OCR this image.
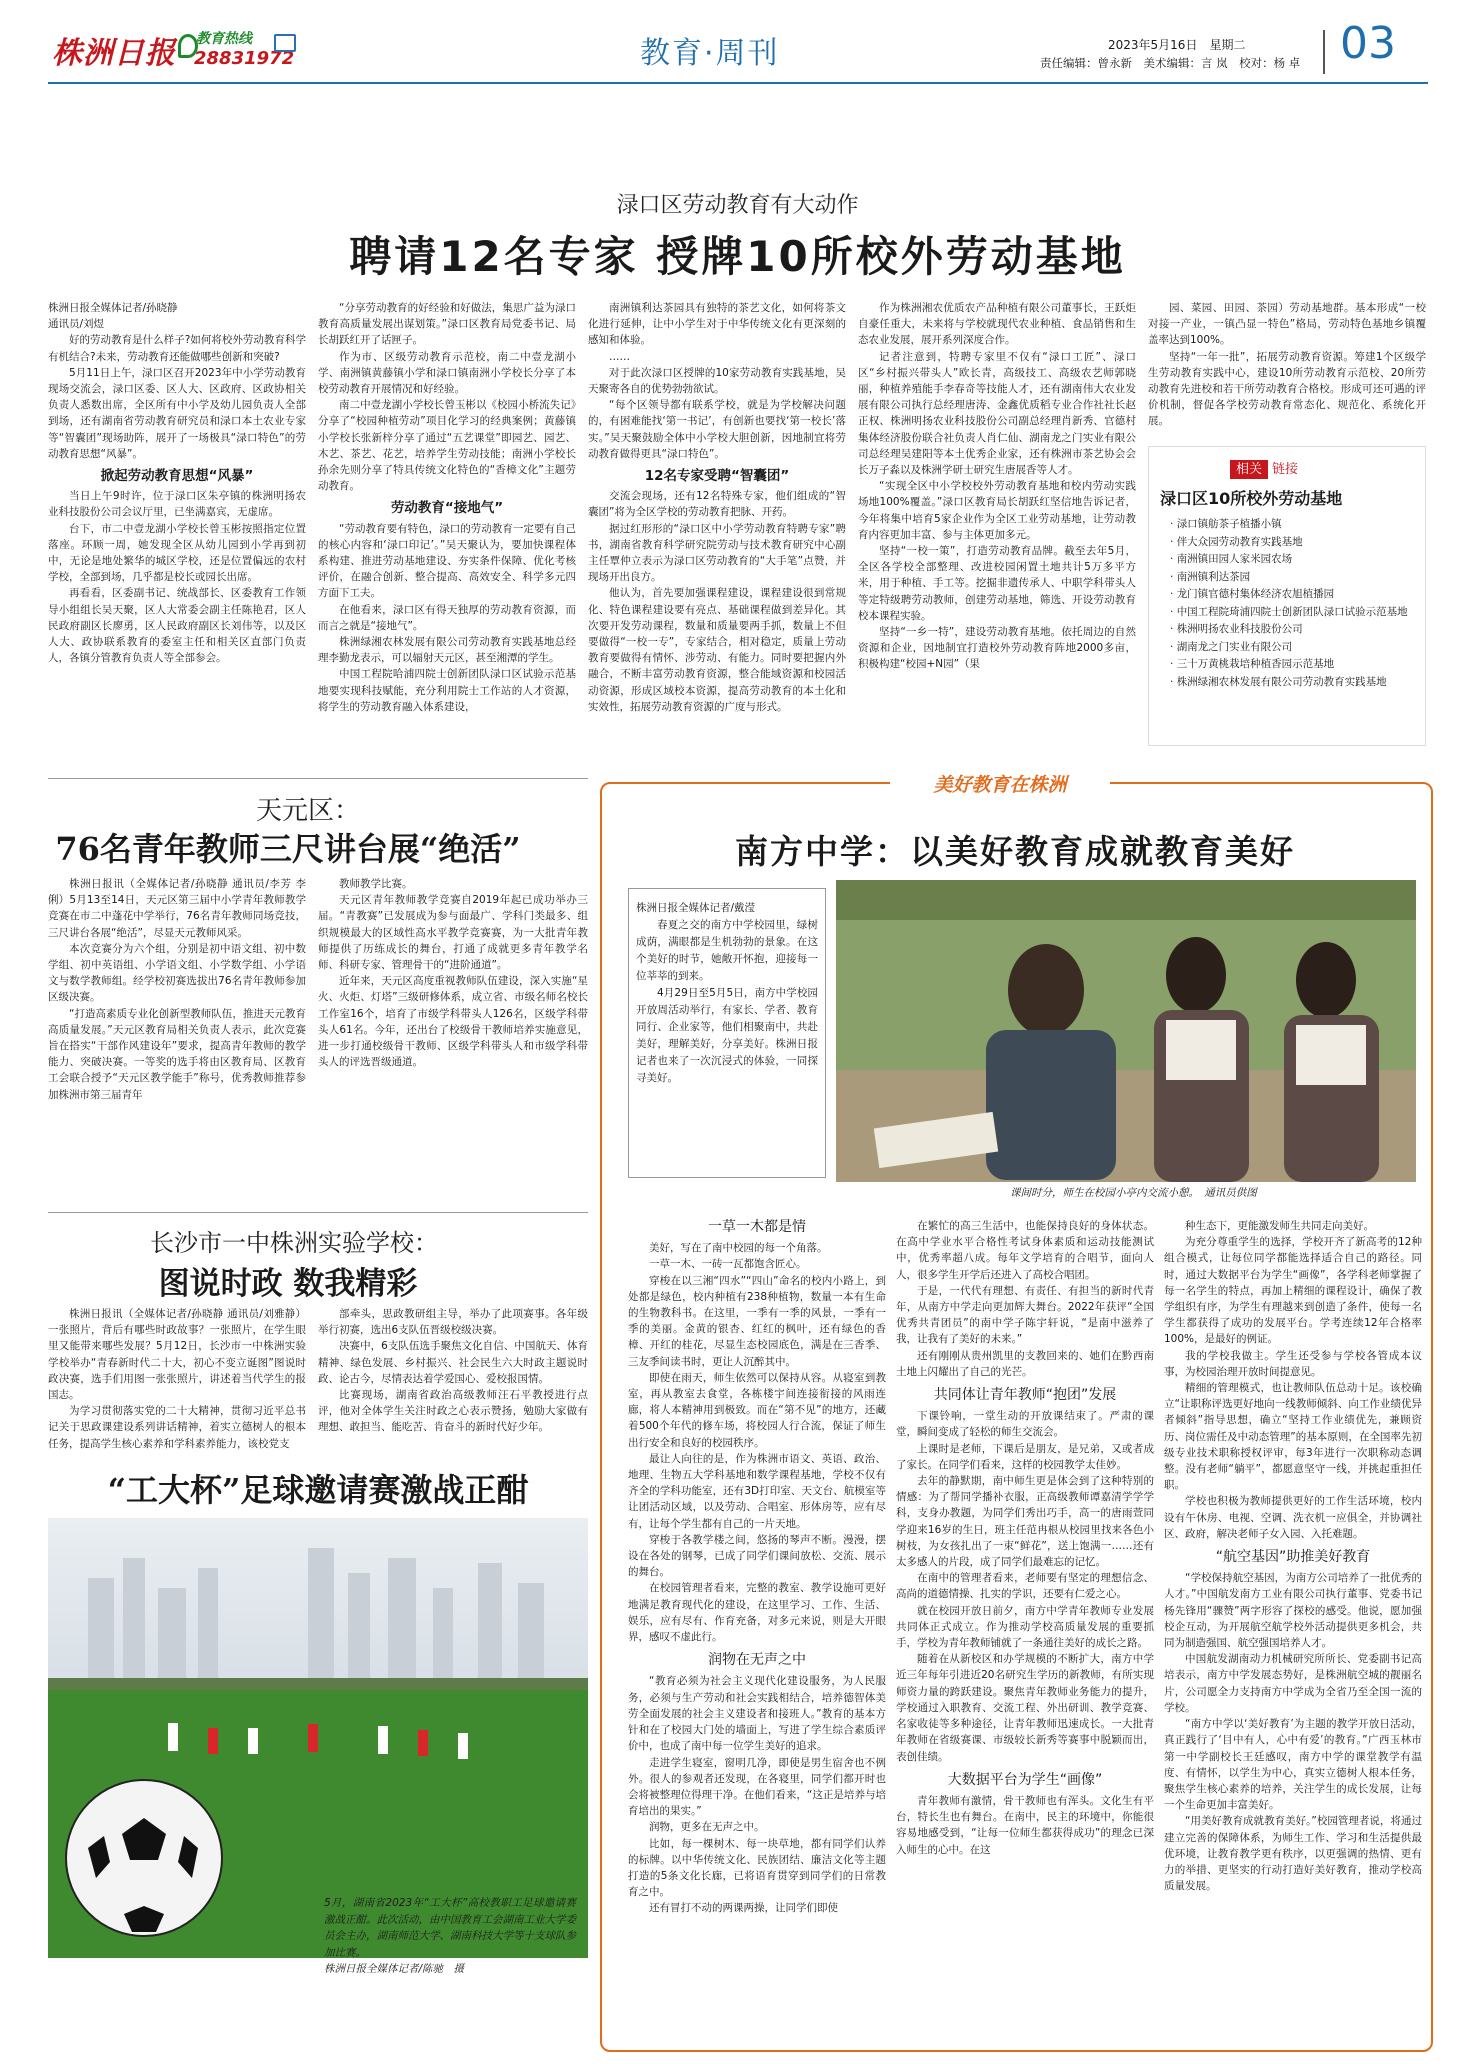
株洲日报 教育热线
28831972	教育·周刊	2023年5月16日　星期二
责任编辑：曾永新　美术编辑：言 岚　校对：杨 卓 03
渌口区劳动教育有大动作
聘请12名专家 授牌10所校外劳动基地

株洲日报全媒体记者/孙晓静
通讯员/刘煜

好的劳动教育是什么样子?如何将校外劳动教育科学有机结合?未来，劳动教育还能做哪些创新和突破?

5月11日上午，渌口区召开2023年中小学劳动教育现场交流会，渌口区委、区人大、区政府、区政协相关负责人悉数出席，全区所有中小学及幼儿园负责人全部到场，还有湖南省劳动教育研究员和渌口本土农业专家等“智囊团”现场助阵，展开了一场极具“渌口特色”的劳动教育思想“风暴”。

掀起劳动教育思想“风暴”

当日上午9时许，位于渌口区朱亭镇的株洲明扬农业科技股份公司会议厅里，已坐满嘉宾，无虚席。

台下，市二中壹龙湖小学校长曾玉彬按照指定位置落座。环顾一周，她发现全区从幼儿园到小学再到初中，无论是地处繁华的城区学校，还是位置偏远的农村学校，全部到场，几乎都是校长或园长出席。

再看看，区委副书记、统战部长、区委教育工作领导小组组长吴天聚，区人大常委会副主任陈艳君，区人民政府副区长廖勇，区人民政府副区长刘伟等，以及区人大、政协联系教育的委室主任和相关区直部门负责人，各镇分管教育负责人等全部参会。

“分享劳动教育的好经验和好做法，集思广益为渌口教育高质量发展出谋划策。”渌口区教育局党委书记、局长胡跃红开了话匣子。

作为市、区级劳动教育示范校，南二中壹龙湖小学、南洲镇黄藤镇小学和渌口镇南洲小学校长分享了本校劳动教育开展情况和好经验。

南二中壹龙湖小学校长曾玉彬以《校园小桥流失记》分享了“校园种植劳动”项目化学习的经典案例；黄藤镇小学校长张新梓分享了通过“五艺课堂”即园艺、园艺、木艺、茶艺、花艺，培养学生劳动技能；南洲小学校长孙余先则分享了特具传统文化特色的“香樟文化”主题劳动教育。

劳动教育“接地气”

“劳动教育要有特色，渌口的劳动教育一定要有自己的核心内容和‘渌口印记’。”吴天聚认为，要加快课程体系构建、推进劳动基地建设、夯实条件保障、优化考核评价，在融合创新、整合提高、高效安全、科学多元四方面下工夫。

在他看来，渌口区有得天独厚的劳动教育资源，而而言之就是“接地气”。

株洲绿湘农林发展有限公司劳动教育实践基地总经理李勤龙表示，可以辐射天元区，甚至湘潭的学生。

中国工程院哈浦四院士创新团队渌口区试验示范基地要实现科技赋能，充分利用院士工作站的人才资源，将学生的劳动教育融入体系建设，

南洲镇利达茶园具有独特的茶艺文化，如何将茶文化进行延伸，让中小学生对于中华传统文化有更深刻的感知和体验。

……

对于此次渌口区授牌的10家劳动教育实践基地，吴天聚寄各自的优势勃勃欲试。

“每个区领导都有联系学校，就是为学校解决问题的，有困难能找‘第一书记’，有创新也要找‘第一校长’落实。”吴天聚鼓励全体中小学校大胆创新，因地制宜将劳动教育做得更具“渌口特色”。

12名专家受聘“智囊团”

交流会现场，还有12名特殊专家，他们组成的“智囊团”将为全区学校的劳动教育把脉、开药。

据过红形形的“渌口区中小学劳动教育特聘专家”聘书，湖南省教育科学研究院劳动与技术教育研究中心副主任覃仲立表示为渌口区劳动教育的“大手笔”点赞，并现场开出良方。

他认为，首先要加强课程建设，课程建设很到常规化、特色课程建设要有亮点、基础课程做到差异化。其次要开发劳动课程，数量和质量要两手抓，数量上不但要做得“一校一专”，专家结合，相对稳定，质量上劳动教育要做得有情怀、涉劳动、有能力。同时要把握内外融合，不断丰富劳动教育资源，整合能域资源和校园活动资源，形成区域校本资源，提高劳动教育的本土化和实效性，拓展劳动教育资源的广度与形式。

作为株洲湘农优质农产品种植有限公司董事长，王跃炬自豪任重大，未来将与学校就现代农业种植、食品销售和生态农业发展，展开系列深度合作。

记者注意到，特聘专家里不仅有“渌口工匠”、渌口区“乡村振兴带头人”欧长青，高级技工、高级农艺师郭晓丽，种植养殖能手李春奇等技能人才，还有湖南伟大农业发展有限公司执行总经理唐涛、金鑫优质稻专业合作社社长赵正权、株洲明扬农业科技股份公司副总经理肖新秀、官德村集体经济股份联合社负责人肖仁仙、湖南龙之门实业有限公司总经理吴建阳等本土优秀企业家，还有株洲市茶艺协会会长万子淼以及株洲学研士研究生唐展香等人才。

“实现全区中小学校校外劳动教育基地和校内劳动实践场地100%覆盖。”渌口区教育局长胡跃红坚信地告诉记者，今年将集中培育5家企业作为全区工业劳动基地，让劳动教育内容更加丰富、参与主体更加多元。

坚持“一校一策”，打造劳动教育品牌。截至去年5月，全区各学校全部整理、改进校园闲置土地共计5万多平方米，用于种植、手工等。挖掘非遗传承人、中职学科带头人等定特级聘劳动教师，创建劳动基地，筛选、开设劳动教育校本课程实验。

坚持“一乡一特”，建设劳动教育基地。依托周边的自然资源和企业，因地制宜打造校外劳动教育阵地2000多亩，积极构建“校园+N园”（果

园、菜园、田园、茶园）劳动基地群。基本形成“一校对接一产业，一镇凸显一特色”格局，劳动特色基地乡镇覆盖率达到100%。

坚持“一年一批”，拓展劳动教育资源。筹建1个区级学生劳动教育实践中心，建设10所劳动教育示范校、20所劳动教育先进校和若干所劳动教育合格校。形成可还可遇的评价机制，督促各学校劳动教育常态化、规范化、系统化开展。

相关 链接
渌口区10所校外劳动基地
· 渌口镇舫茶子植播小镇
· 伴大众园劳动教育实践基地
· 南洲镇田园人家米园农场
· 南洲镇利达茶园
· 龙门镇官德村集体经济农旭植播园
· 中国工程院琦浦四院士创新团队渌口试验示范基地
· 株洲明扬农业科技股份公司
· 湖南龙之门实业有限公司
· 三十万黄桃栽培种植香园示范基地
· 株洲绿湘农林发展有限公司劳动教育实践基地
天元区：
76名青年教师三尺讲台展“绝活”

株洲日报讯（全媒体记者/孙晓静 通讯员/李芳 李俐）5月13至14日，天元区第三届中小学青年教师教学竞赛在市二中蓬花中学举行，76名青年教师同场竞技，三尺讲台各展“绝活”，尽显天元教师风采。

本次竞赛分为六个组，分别是初中语文组、初中数学组、初中英语组、小学语文组、小学数学组、小学语文与数学教师组。经学校初赛选拔出76名青年教师参加区级决赛。

“打造高素质专业化创新型教师队伍，推进天元教育高质量发展。”天元区教育局相关负责人表示，此次竞赛旨在搭实“干部作风建设年”要求，提高青年教师的教学能力、突破决赛。一等奖的选手将由区教育局、区教育工会联合授予“天元区教学能手”称号，优秀教师推荐参加株洲市第三届青年

教师教学比赛。

天元区青年教师教学竞赛自2019年起已成功举办三届。“青教赛”已发展成为参与面最广、学科门类最多、组织规模最大的区域性高水平教学竞赛赛，为一大批青年教师提供了历练成长的舞台，打通了成就更多青年教学名师、科研专家、管理骨干的“进阶通道”。

近年来，天元区高度重视教师队伍建设，深入实施“星火、火炬、灯塔”三级研修体系，成立省、市级名师名校长工作室16个，培育了市级学科带头人126名，区级学科带头人61名。今年，还出台了校级骨干教师培养实施意见，进一步打通校级骨干教师、区级学科带头人和市级学科带头人的评选晋级通道。

长沙市一中株洲实验学校：
图说时政 数我精彩

株洲日报讯（全媒体记者/孙晓静 通讯员/刘雅静）一张照片，背后有哪些时政故事？一张照片，在学生眼里又能带来哪些发展？5月12日，长沙市一中株洲实验学校举办“青春新时代二十大，初心不变立诞图”图说时政决赛，选手们用图一张张照片，讲述着当代学生的报国志。

为学习贯彻落实党的二十大精神，贯彻习近平总书记关于思政课建设系列讲话精神，着实立德树人的根本任务，提高学生核心素养和学科素养能力，该校党支

部牵头，思政教研组主导，举办了此项赛事。各年级举行初赛，选出6支队伍晋级校级决赛。

决赛中，6支队伍选手聚焦文化自信、中国航天、体育精神、绿色发展、乡村振兴、社会民生六大时政主题说时政、论古今，尽情表达着学爱国心、爱校报国情。

比赛现场，湖南省政治高级教师汪石平教授进行点评，他对全体学生关注时政之心表示赞扬，勉励大家做有理想、敢担当、能吃苦、肯奋斗的新时代好少年。

“工大杯”足球邀请赛激战正酣
5月，湖南省2023年“工大杯”高校教职工足球邀请赛激战正酣。此次活动，由中国教育工会湖南工业大学委员会主办，湖南师范大学、湖南科技大学等十支球队参加比赛。
株洲日报全媒体记者/陈驰　摄
美好教育在株洲
南方中学：以美好教育成就教育美好

株洲日报全媒体记者/戴滢

春夏之交的南方中学校园里，绿树成荫，满眼都是生机勃勃的景象。在这个美好的时节，她敞开怀抱，迎接每一位莘莘的到来。

4月29日至5月5日，南方中学校园开放周活动举行，有家长、学者、教育同行、企业家等，他们相聚南中，共赴美好，理解美好，分享美好。株洲日报记者也来了一次沉浸式的体验，一同探寻美好。

课间时分，师生在校园小亭内交流小憩。　通讯员供图
一草一木都是情

美好，写在了南中校园的每一个角落。

一草一木、一砖一瓦都饱含匠心。

穿梭在以三湘“四水”“四山”命名的校内小路上，到处都是绿色，校内种植有238种植物，数量一本有生命的生物教科书。在这里，一季有一季的风景，一季有一季的美丽。金黄的银杏、红红的枫叶，还有绿色的香樟、开红的桂花，尽显生态校园底色，满是在三香季、三友季间读书时，更让人沉醉其中。

即使在雨天，师生依然可以保持从容。从寝室到教室，再从教室去食堂，各栋楼宇间连接衔接的风雨连廊，将人本精神用到极致。而在“第不见”的地方，还藏着500个年代的修车场，将校园人行合流，保证了师生出行安全和良好的校园秩序。

最让人向往的是，作为株洲市语文、英语、政治、地理、生物五大学科基地和数学课程基地，学校不仅有齐全的学科功能室，还有3D打印室、天文台、航模室等让团活动区域，以及劳动、合唱室、形体房等，应有尽有，让每个学生都有自己的一片天地。

穿梭于各教学楼之间，悠扬的琴声不断。漫漫，摆设在各处的钢琴，已成了同学们课间放松、交流、展示的舞台。

在校园管理者看来，完整的教室、教学设施可更好地满足教育现代化的建设，在这里学习、工作、生活、娱乐，应有尽有、作育充备，对多元来说，则是大开眼界，感叹不虚此行。

润物在无声之中

“教育必须为社会主义现代化建设服务，为人民服务，必须与生产劳动和社会实践相结合，培养德智体美劳全面发展的社会主义建设者和接班人。”教育的基本方针和在了校园大门处的墙面上，写进了学生综合素质评价中，也成了南中每一位学生美好的追求。

走进学生寝室，窗明几净，即使是男生宿舍也不例外。很人的参观者还发现，在各寝里，同学们都开时也会将被整理位得理干净。在他们看来，“这正是培养与培育培出的果实。”

润物，更多在无声之中。

比如，每一棵树木、每一块草地，都有同学们认养的标牌。以中华传统文化、民族团结、廉洁文化等主题打造的5条文化长廊，已将语育贯穿到同学们的日常教育之中。

还有冒打不动的两课两操，让同学们即使

在繁忙的高三生活中，也能保持良好的身体状态。在高中学业水平合格性考试身体素质和运动技能测试中，优秀率超八成。每年文学培育的合唱节，面向人人，很多学生开学后还进入了高校合唱团。

于是，一代代有理想、有责任、有担当的新时代青年，从南方中学走向更加辉大舞台。2022年获评“全国优秀共青团员”的南中学子陈宇轩说，“是南中滋养了我，让我有了美好的未来。”

还有刚刚从贵州凯里的支教回来的、她们在黔西南土地上闪耀出了自己的光芒。

共同体让青年教师“抱团”发展

下课铃响，一堂生动的开放课结束了。严肃的课堂，瞬间变成了轻松的师生交流会。

上课时是老师，下课后是朋友，是兄弟，又或者成了家长。在同学们看来，这样的校园教学太佳妙。

去年的静默期，南中师生更是体会到了这种特别的情感：为了帮同学播补衣服，正高级教师谭嘉清学学学科，支身办教题，为同学们秀出巧手，高一的唐雨萱同学迎来16岁的生日，班主任范冉根从校园里找来各色小树枝，为女孩扎出了一束“鲜花”，送上饱满一……还有太多感人的片段，成了同学们最难忘的记忆。

在南中的管理者看来，老师要有坚定的理想信念、高尚的道德情操、扎实的学识，还要有仁爱之心。

就在校园开放日前夕，南方中学青年教师专业发展共同体正式成立。作为推动学校高质量发展的重要抓手，学校为青年教师铺就了一条通往美好的成长之路。

随着在从新校区和办学规模的不断扩大，南方中学近三年每年引进近20名研究生学历的新教师，有所实现师资力量的跨跃建设。聚焦青年教师业务能力的提升，学校通过入职教育、交流工程、外出研训、教学竞赛、名家收徒等多种途径，让青年教师迅速成长。一大批青年教师在省级赛课、市级较长新秀等赛事中脱颖而出，表创佳绩。

大数据平台为学生“画像”

青年教师有激情，骨干教师也有浑头。文化生有平台，特长生也有舞台。在南中，民主的环境中，你能很容易地感受到，“让每一位师生都获得成功”的理念已深入师生的心中。在这

种生态下，更能激发师生共同走向美好。

为充分尊重学生的选择，学校开齐了新高考的12种组合模式，让每位同学都能选择适合自己的路径。同时，通过大数据平台为学生“画像”，各学科老师掌握了每一名学生的特点，再加上精细的课程设计，确保了教学组织有序，为学生有理越来到创造了条件，使每一名学生都获得了成功的发展平台。学考连续12年合格率100%，是最好的例证。

我的学校我做主。学生还受参与学校各管成本议事，为校园治理开放时间提意见。

精细的管理模式，也让教师队伍总动十足。该校确立“让职称评选更好地向一线教师倾斜、向工作业绩优异者倾斜”指导思想，确立“坚持工作业绩优先，兼顾资历、岗位需任及中动态管理”的基本原则，在全国率先初级专业技术职称授权评审，每3年进行一次职称动态调整。没有老师“躺平”，都愿意坚守一线，并挑起重担任职。

学校也积极为教师提供更好的工作生活环境，校内设有午休房、电视、空调、洗衣机一应俱全，并协调社区、政府，解决老师子女入园、入托难题。

“航空基因”助推美好教育

“学校保持航空基因，为南方公司培养了一批优秀的人才。”中国航发南方工业有限公司执行董事、党委书记杨先锋用“骤赞”两字形容了探校的感受。他说，愿加强校企互动，为开展航空航学校外活动提供更多机会，共同为制造强国、航空强国培养人才。

中国航发湖南动力机械研究所所长、党委副书记高培表示，南方中学发展态势好，是株洲航空城的靓丽名片，公司愿全力支持南方中学成为全省乃至全国一流的学校。

“南方中学以‘美好教育’为主题的教学开放日活动，真正践行了‘目中有人，心中有爱’的教育。”广西玉林市第一中学副校长王廷感叹，南方中学的课堂教学有温度、有情怀，以学生为中心，真实立德树人根本任务，聚焦学生核心素养的培养，关注学生的成长发展，让每一个生命更加丰富美好。

“用美好教育成就教育美好。”校园管理者说，将通过建立完善的保障体系，为师生工作、学习和生活提供最优环境，让教育教学更有秩序，以更强调的热情、更有力的举措、更坚实的行动打造好美好教育，推动学校高质量发展。
